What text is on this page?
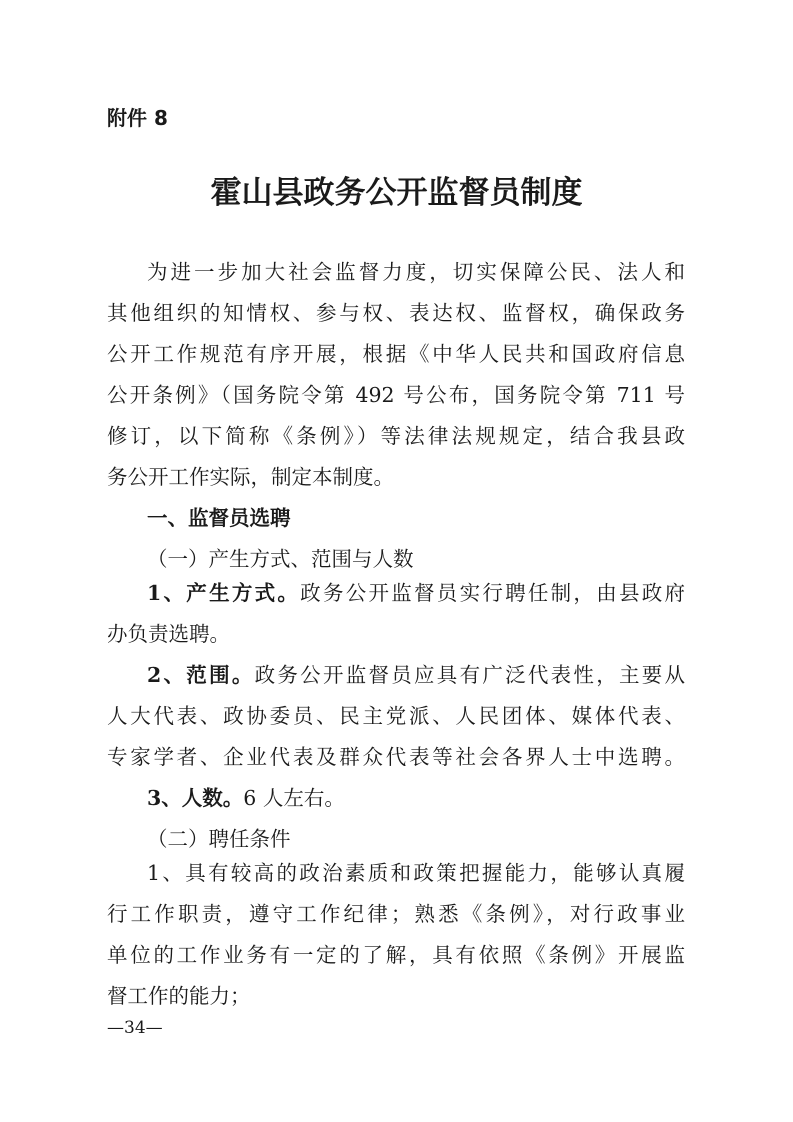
附件 8
霍山县政务公开监督员制度
为进一步加大社会监督力度，切实保障公民、法人和
其他组织的知情权、参与权、表达权、监督权，确保政务
公开工作规范有序开展，根据《中华人民共和国政府信息
公开条例》（国务院令第 492 号公布，国务院令第 711 号
修订，以下简称《条例》）等法律法规规定，结合我县政
务公开工作实际，制定本制度。
一、监督员选聘
（一）产生方式、范围与人数
1、产生方式。政务公开监督员实行聘任制，由县政府
办负责选聘。
2、范围。政务公开监督员应具有广泛代表性，主要从
人大代表、政协委员、民主党派、人民团体、媒体代表、
专家学者、企业代表及群众代表等社会各界人士中选聘。
3、人数。6 人左右。
（二）聘任条件
1、具有较高的政治素质和政策把握能力，能够认真履
行工作职责，遵守工作纪律；熟悉《条例》，对行政事业
单位的工作业务有一定的了解，具有依照《条例》开展监
督工作的能力；
—34—
